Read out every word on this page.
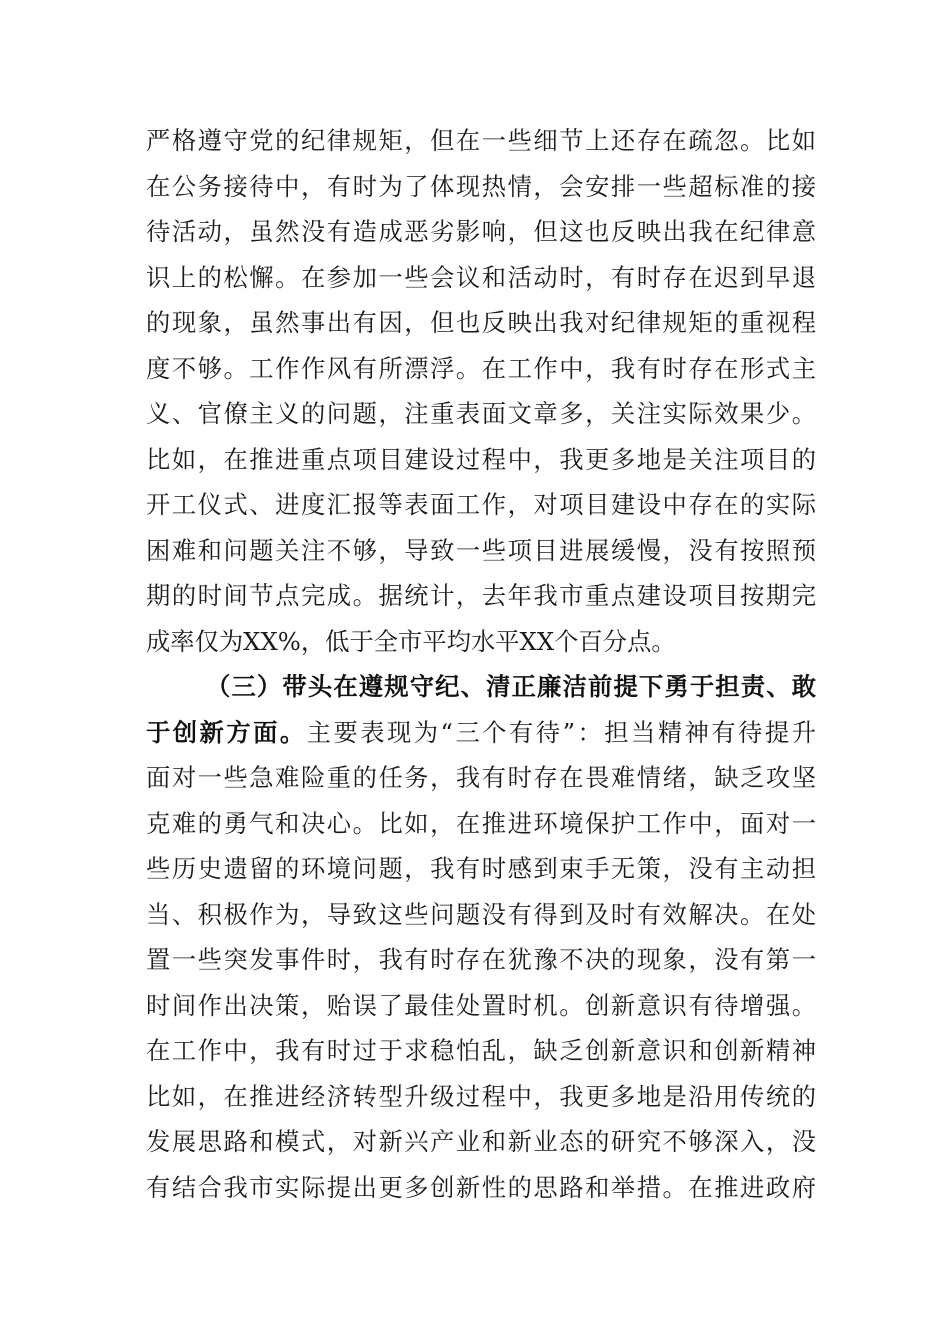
严格遵守党的纪律规矩，但在一些细节上还存在疏忽。比如
在公务接待中，有时为了体现热情，会安排一些超标准的接
待活动，虽然没有造成恶劣影响，但这也反映出我在纪律意
识上的松懈。在参加一些会议和活动时，有时存在迟到早退
的现象，虽然事出有因，但也反映出我对纪律规矩的重视程
度不够。工作作风有所漂浮。在工作中，我有时存在形式主
义、官僚主义的问题，注重表面文章多，关注实际效果少。
比如，在推进重点项目建设过程中，我更多地是关注项目的
开工仪式、进度汇报等表面工作，对项目建设中存在的实际
困难和问题关注不够，导致一些项目进展缓慢，没有按照预
期的时间节点完成。据统计，去年我市重点建设项目按期完
成率仅为XX%，低于全市平均水平XX个百分点。
（三）带头在遵规守纪、清正廉洁前提下勇于担责、敢
于创新方面。主要表现为“三个有待”：担当精神有待提升
面对一些急难险重的任务，我有时存在畏难情绪，缺乏攻坚
克难的勇气和决心。比如，在推进环境保护工作中，面对一
些历史遗留的环境问题，我有时感到束手无策，没有主动担
当、积极作为，导致这些问题没有得到及时有效解决。在处
置一些突发事件时，我有时存在犹豫不决的现象，没有第一
时间作出决策，贻误了最佳处置时机。创新意识有待增强。
在工作中，我有时过于求稳怕乱，缺乏创新意识和创新精神
比如，在推进经济转型升级过程中，我更多地是沿用传统的
发展思路和模式，对新兴产业和新业态的研究不够深入，没
有结合我市实际提出更多创新性的思路和举措。在推进政府
